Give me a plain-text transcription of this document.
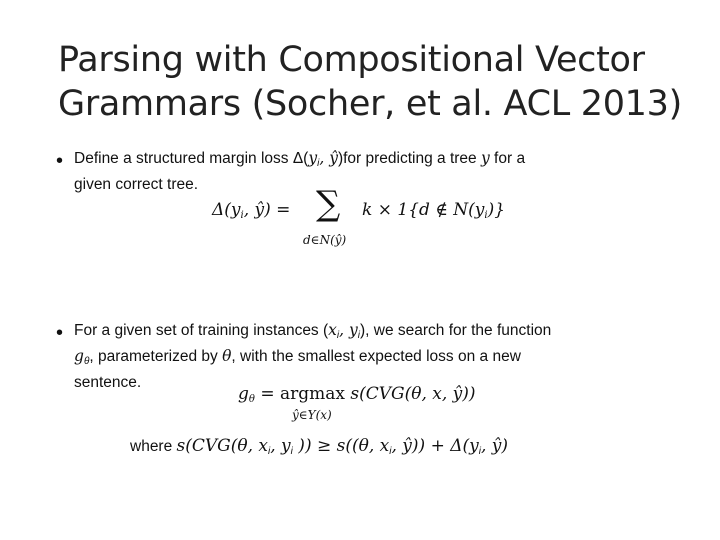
Parsing with Compositional Vector
Grammars (Socher, et al. ACL 2013)
• Define a structured margin loss $\Delta(y_i$, ŷ)for predicting a tree y for a
given correct tree.
$\Delta(y_i$, ŷ) = ∑
d∈N(ŷ)
k × 1{d ∉ $N(y_i)$}
• For a given set of training instances ($x_i$, $y_i$), we search for the function
$g_\theta$, parameterized by θ, with the smallest expected loss on a new
sentence.
$g_\theta = argmax$ s(CVG(θ, x, ŷ))
ŷ∈Y(x)
where s(CVG(θ, $x_i$, $y_i$ )) ≥ s((θ, $x_i$, ŷ)) + $\Delta(y_i$, ŷ)
